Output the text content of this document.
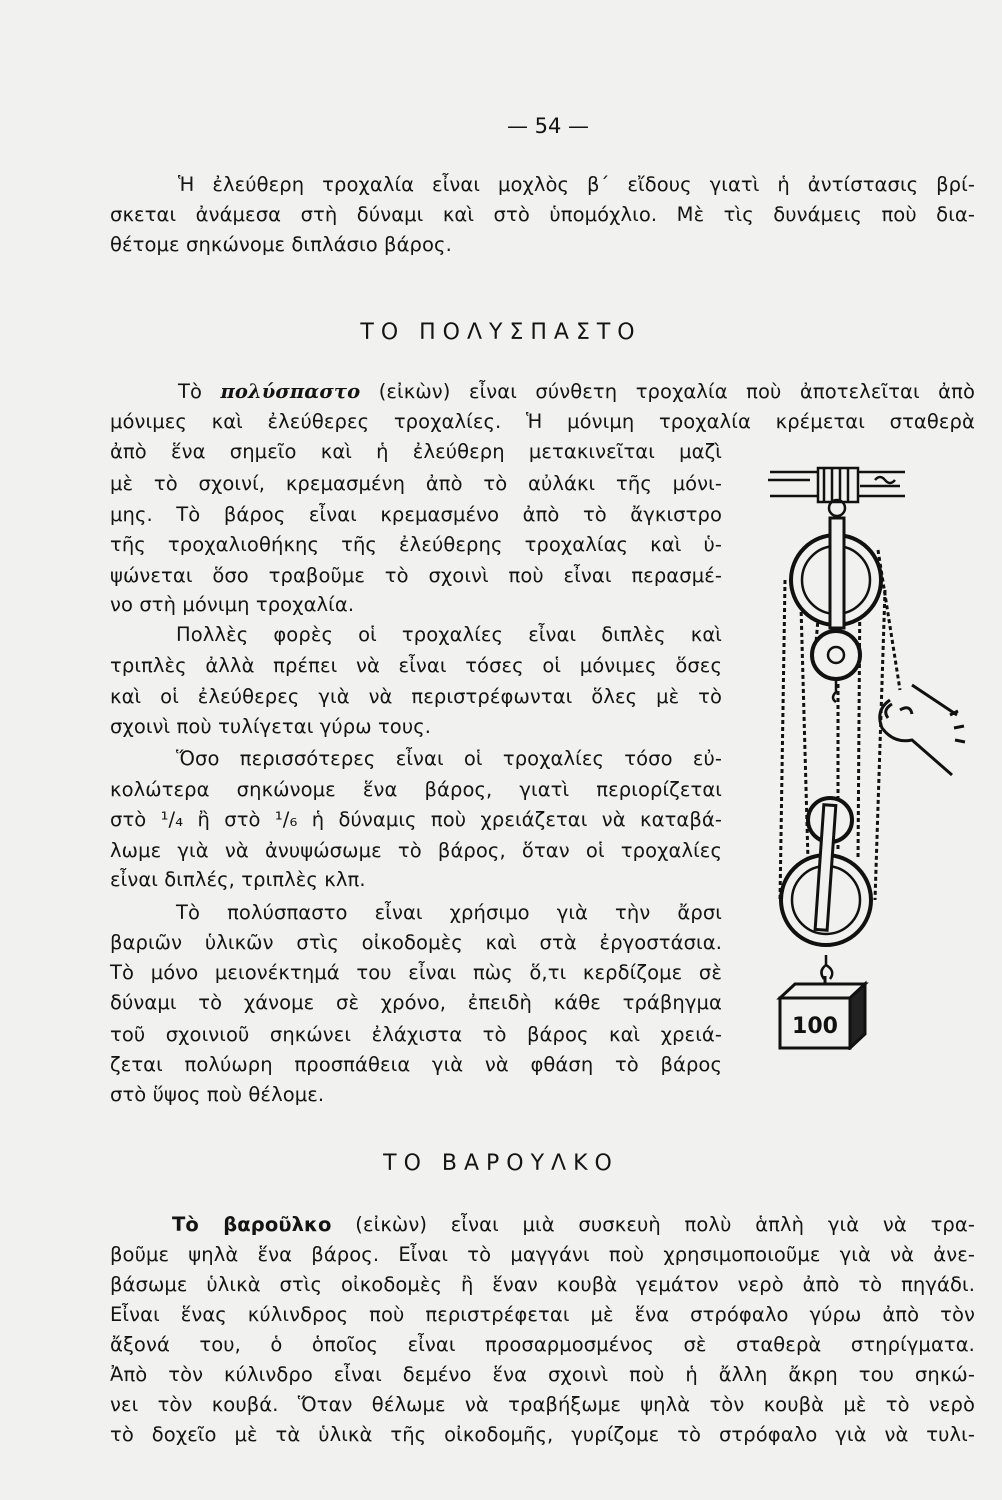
— 54 —
Ἡ ἐλεύθερη τροχαλία εἶναι μοχλὸς β΄ εἴδους γιατὶ ἡ ἀντίστασις βρί-
σκεται ἀνάμεσα στὴ δύναμι καὶ στὸ ὑπομόχλιο. Μὲ τὶς δυνάμεις ποὺ δια-
θέτομε σηκώνομε διπλάσιο βάρος.
ΤΟ ΠΟΛΥΣΠΑΣΤΟ
Τὸ πολύσπαστο (εἰκὼν) εἶναι σύνθετη τροχαλία ποὺ ἀποτελεῖται ἀπὸ
μόνιμες καὶ ἐλεύθερες τροχαλίες. Ἡ μόνιμη τροχαλία κρέμεται σταθερὰ
ἀπὸ ἕνα σημεῖο καὶ ἡ ἐλεύθερη μετακινεῖται μαζὶ
μὲ τὸ σχοινί, κρεμασμένη ἀπὸ τὸ αὐλάκι τῆς μόνι-
μης. Τὸ βάρος εἶναι κρεμασμένο ἀπὸ τὸ ἄγκιστρο
τῆς τροχαλιοθήκης τῆς ἐλεύθερης τροχαλίας καὶ ὑ-
ψώνεται ὅσο τραβοῦμε τὸ σχοινὶ ποὺ εἶναι περασμέ-
νο στὴ μόνιμη τροχαλία.
Πολλὲς φορὲς οἱ τροχαλίες εἶναι διπλὲς καὶ
τριπλὲς ἀλλὰ πρέπει νὰ εἶναι τόσες οἱ μόνιμες ὅσες
καὶ οἱ ἐλεύθερες γιὰ νὰ περιστρέφωνται ὅλες μὲ τὸ
σχοινὶ ποὺ τυλίγεται γύρω τους.
Ὅσο περισσότερες εἶναι οἱ τροχαλίες τόσο εὐ-
κολώτερα σηκώνομε ἕνα βάρος, γιατὶ περιορίζεται
στὸ ¹/₄ ἢ στὸ ¹/₆ ἡ δύναμις ποὺ χρειάζεται νὰ καταβά-
λωμε γιὰ νὰ ἀνυψώσωμε τὸ βάρος, ὅταν οἱ τροχαλίες
εἶναι διπλές, τριπλὲς κλπ.
Τὸ πολύσπαστο εἶναι χρήσιμο γιὰ τὴν ἄρσι
βαριῶν ὑλικῶν στὶς οἰκοδομὲς καὶ στὰ ἐργοστάσια.
Τὸ μόνο μειονέκτημά του εἶναι πὼς ὅ,τι κερδίζομε σὲ
δύναμι τὸ χάνομε σὲ χρόνο, ἐπειδὴ κάθε τράβηγμα
τοῦ σχοινιοῦ σηκώνει ἐλάχιστα τὸ βάρος καὶ χρειά-
ζεται πολύωρη προσπάθεια γιὰ νὰ φθάση τὸ βάρος
στὸ ὕψος ποὺ θέλομε.
100
ΤΟ ΒΑΡΟΥΛΚΟ
Τὸ βαροῦλκο (εἰκὼν) εἶναι μιὰ συσκευὴ πολὺ ἁπλὴ γιὰ νὰ τρα-
βοῦμε ψηλὰ ἕνα βάρος. Εἶναι τὸ μαγγάνι ποὺ χρησιμοποιοῦμε γιὰ νὰ ἀνε-
βάσωμε ὑλικὰ στὶς οἰκοδομὲς ἢ ἕναν κουβὰ γεμάτον νερὸ ἀπὸ τὸ πηγάδι.
Εἶναι ἕνας κύλινδρος ποὺ περιστρέφεται μὲ ἕνα στρόφαλο γύρω ἀπὸ τὸν
ἄξονά του, ὁ ὁποῖος εἶναι προσαρμοσμένος σὲ σταθερὰ στηρίγματα.
Ἀπὸ τὸν κύλινδρο εἶναι δεμένο ἕνα σχοινὶ ποὺ ἡ ἄλλη ἄκρη του σηκώ-
νει τὸν κουβά. Ὅταν θέλωμε νὰ τραβήξωμε ψηλὰ τὸν κουβὰ μὲ τὸ νερὸ
τὸ δοχεῖο μὲ τὰ ὑλικὰ τῆς οἰκοδομῆς, γυρίζομε τὸ στρόφαλο γιὰ νὰ τυλι-
